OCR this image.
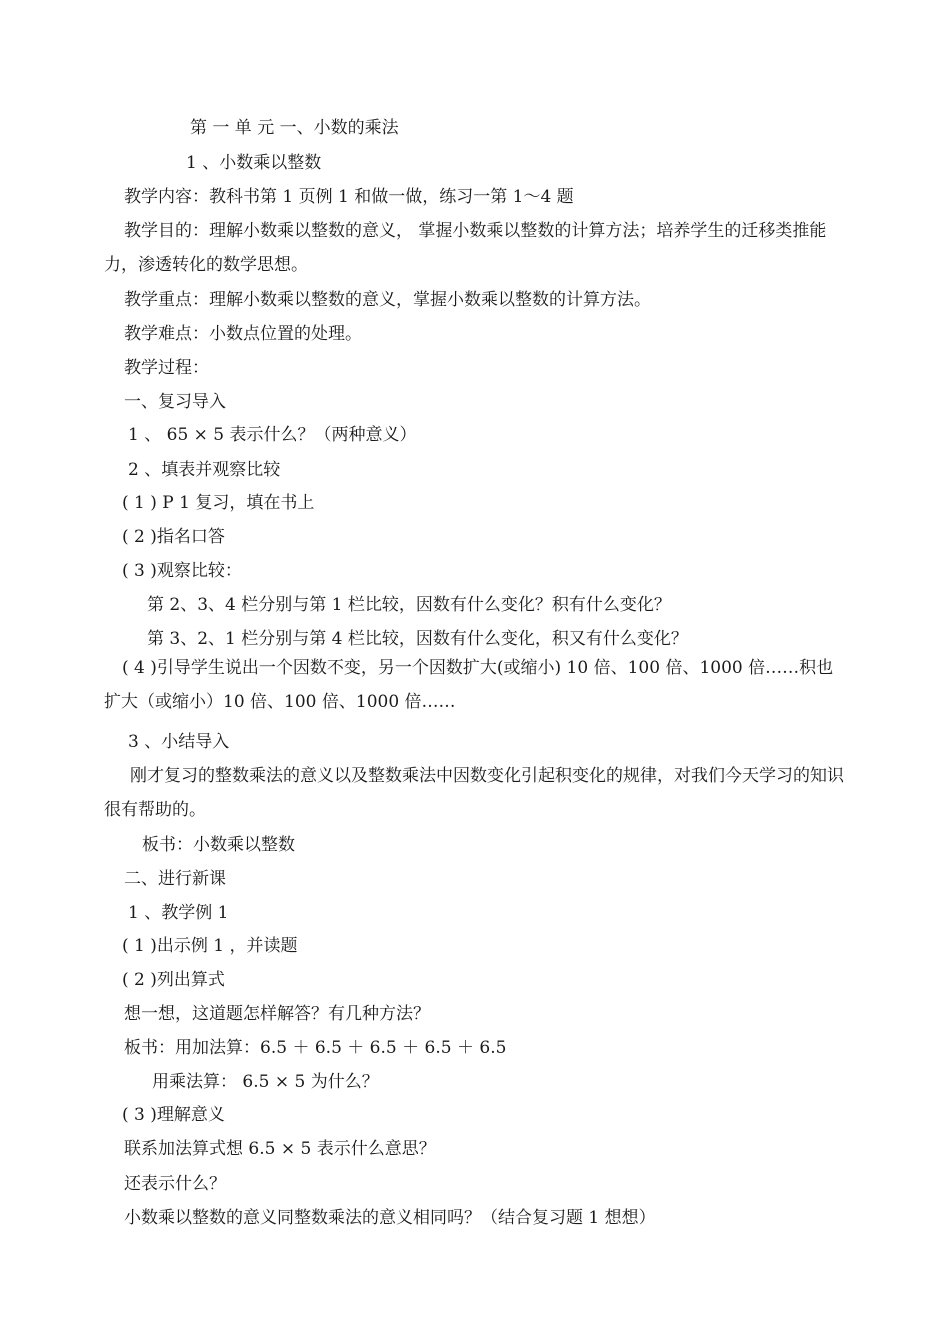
第 一 单 元 一、小数的乘法
1 、小数乘以整数
教学内容：教科书第 1 页例 1 和做一做，练习一第 1～4 题
教学目的：理解小数乘以整数的意义， 掌握小数乘以整数的计算方法；培养学生的迁移类推能力，渗透转化的数学思想。
教学重点：理解小数乘以整数的意义，掌握小数乘以整数的计算方法。
教学难点：小数点位置的处理。
教学过程：
一、复习导入
1 、 65 × 5 表示什么？（两种意义）
2 、填表并观察比较
( 1 ) P 1 复习，填在书上
( 2 )指名口答
( 3 )观察比较：
第 2、3、4 栏分别与第 1 栏比较，因数有什么变化？积有什么变化？
第 3、2、1 栏分别与第 4 栏比较，因数有什么变化，积又有什么变化？
( 4 )引导学生说出一个因数不变，另一个因数扩大(或缩小) 10 倍、100 倍、1000 倍……积也扩大（或缩小）10 倍、100 倍、1000 倍……
3 、小结导入
刚才复习的整数乘法的意义以及整数乘法中因数变化引起积变化的规律，对我们今天学习的知识很有帮助的。
板书：小数乘以整数
二、进行新课
1 、教学例 1
( 1 )出示例 1 ，并读题
( 2 )列出算式
想一想，这道题怎样解答？有几种方法？
板书：用加法算：6.5 ＋ 6.5 ＋ 6.5 ＋ 6.5 ＋ 6.5
用乘法算： 6.5 × 5 为什么？
( 3 )理解意义
联系加法算式想 6.5 × 5 表示什么意思？
还表示什么？
小数乘以整数的意义同整数乘法的意义相同吗？（结合复习题 1 想想）
